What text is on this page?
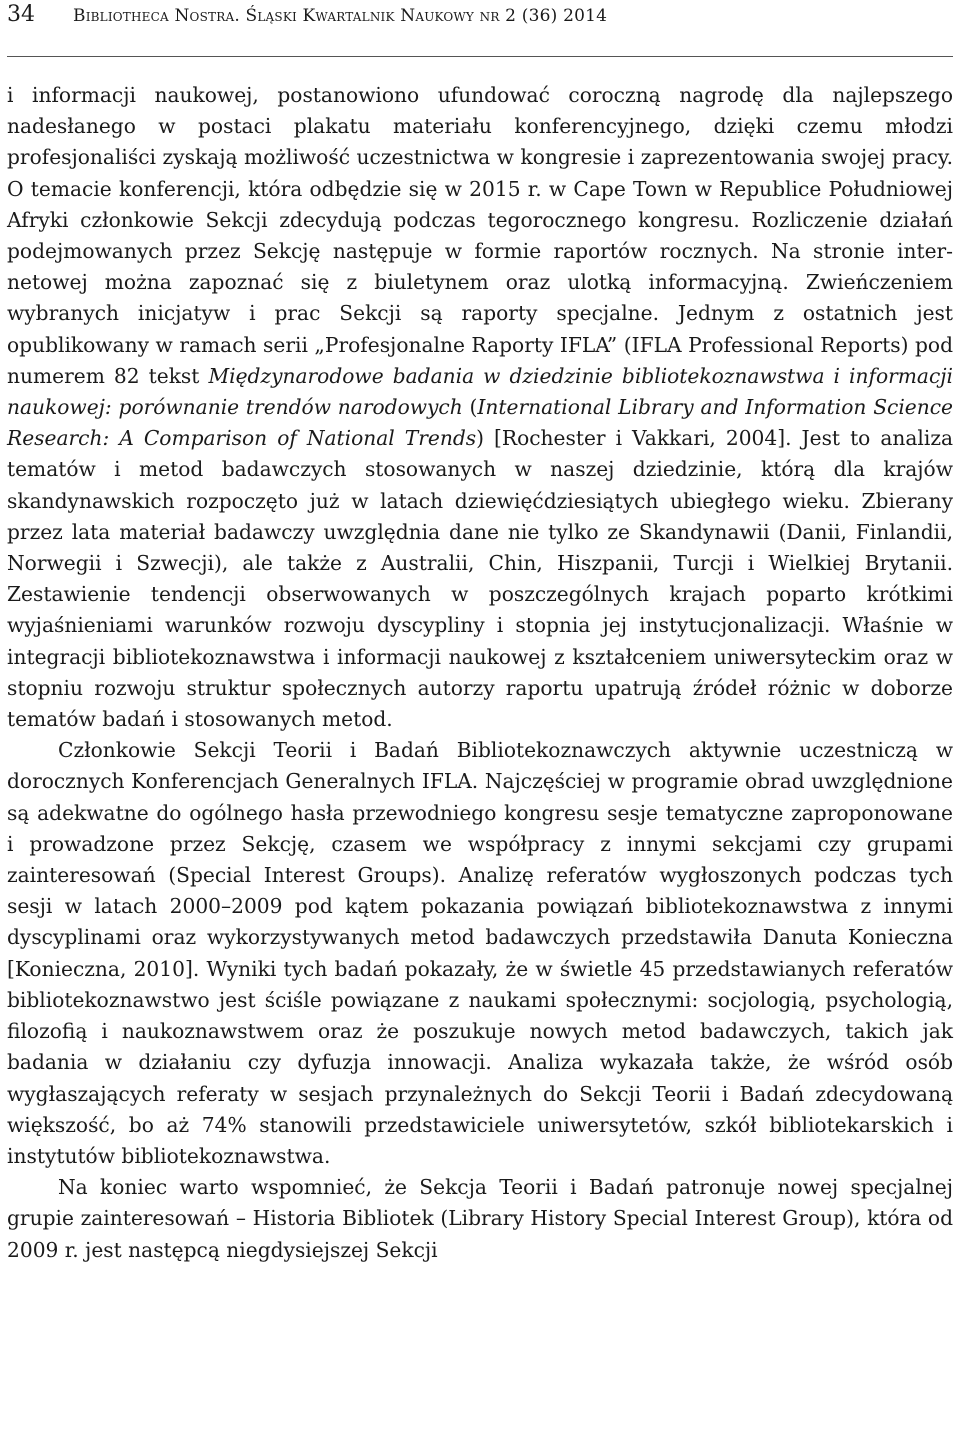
34 Bibliotheca Nostra. Śląski Kwartalnik Naukowy nr 2 (36) 2014

i informacji naukowej, postanowiono ufundować coroczną nagrodę dla najlepszego nadesłanego w postaci plakatu materiału konferencyjnego, dzięki czemu młodzi profesjonaliści zyskają możliwość uczestnictwa w kongresie i zaprezentowania swojej pracy. O temacie konferencji, która odbędzie się w 2015 r. w Cape Town w Republice Południowej Afryki członkowie Sekcji zdecydują podczas tegorocznego kongresu. Rozliczenie działań podejmowanych przez Sekcję następuje w formie raportów rocznych. Na stronie internetowej można zapoznać się z biuletynem oraz ulotką informacyjną. Zwieńczeniem wybranych inicjatyw i prac Sekcji są raporty specjalne. Jednym z ostatnich jest opublikowany w ramach serii „Profesjonalne Raporty IFLA” (IFLA Professional Reports) pod numerem 82 tekst Międzynarodowe badania w dziedzinie bibliotekoznawstwa i informacji naukowej: porównanie trendów narodowych (International Library and Information Science Research: A Comparison of National Trends) [Rochester i Vakkari, 2004]. Jest to analiza tematów i metod badawczych stosowanych w naszej dziedzinie, którą dla krajów skandynawskich rozpoczęto już w latach dziewięćdziesiątych ubiegłego wieku. Zbierany przez lata materiał badawczy uwzględnia dane nie tylko ze Skandynawii (Danii, Finlandii, Norwegii i Szwecji), ale także z Australii, Chin, Hiszpanii, Turcji i Wielkiej Brytanii. Zestawienie tendencji obserwowanych w poszczególnych krajach poparto krótkimi wyjaśnieniami warunków rozwoju dyscypliny i stopnia jej instytucjonalizacji. Właśnie w integracji bibliotekoznawstwa i informacji naukowej z kształceniem uniwersyteckim oraz w stopniu rozwoju struktur społecznych autorzy raportu upatrują źródeł różnic w doborze tematów badań i stosowanych metod.

Członkowie Sekcji Teorii i Badań Bibliotekoznawczych aktywnie uczestniczą w dorocznych Konferencjach Generalnych IFLA. Najczęściej w programie obrad uwzględnione są adekwatne do ogólnego hasła przewodniego kongresu sesje tematyczne zaproponowane i prowadzone przez Sekcję, czasem we współpracy z innymi sekcjami czy grupami zainteresowań (Special Interest Groups). Analizę referatów wygłoszonych podczas tych sesji w latach 2000–2009 pod kątem pokazania powiązań bibliotekoznawstwa z innymi dyscyplinami oraz wykorzystywanych metod badawczych przedstawiła Danuta Konieczna [Konieczna, 2010]. Wyniki tych badań pokazały, że w świetle 45 przedstawianych referatów bibliotekoznawstwo jest ściśle powiązane z naukami społecznymi: socjologią, psychologią, filozofią i naukoznawstwem oraz że poszukuje nowych metod badawczych, takich jak badania w działaniu czy dyfuzja innowacji. Analiza wykazała także, że wśród osób wygłaszających referaty w sesjach przynależnych do Sekcji Teorii i Badań zdecydowaną większość, bo aż 74% stanowili przedstawiciele uniwersytetów, szkół bibliotekarskich i instytutów bibliotekoznawstwa.

Na koniec warto wspomnieć, że Sekcja Teorii i Badań patronuje nowej specjalnej grupie zainteresowań – Historia Bibliotek (Library History Special Interest Group), która od 2009 r. jest następcą niegdysiejszej Sekcji
